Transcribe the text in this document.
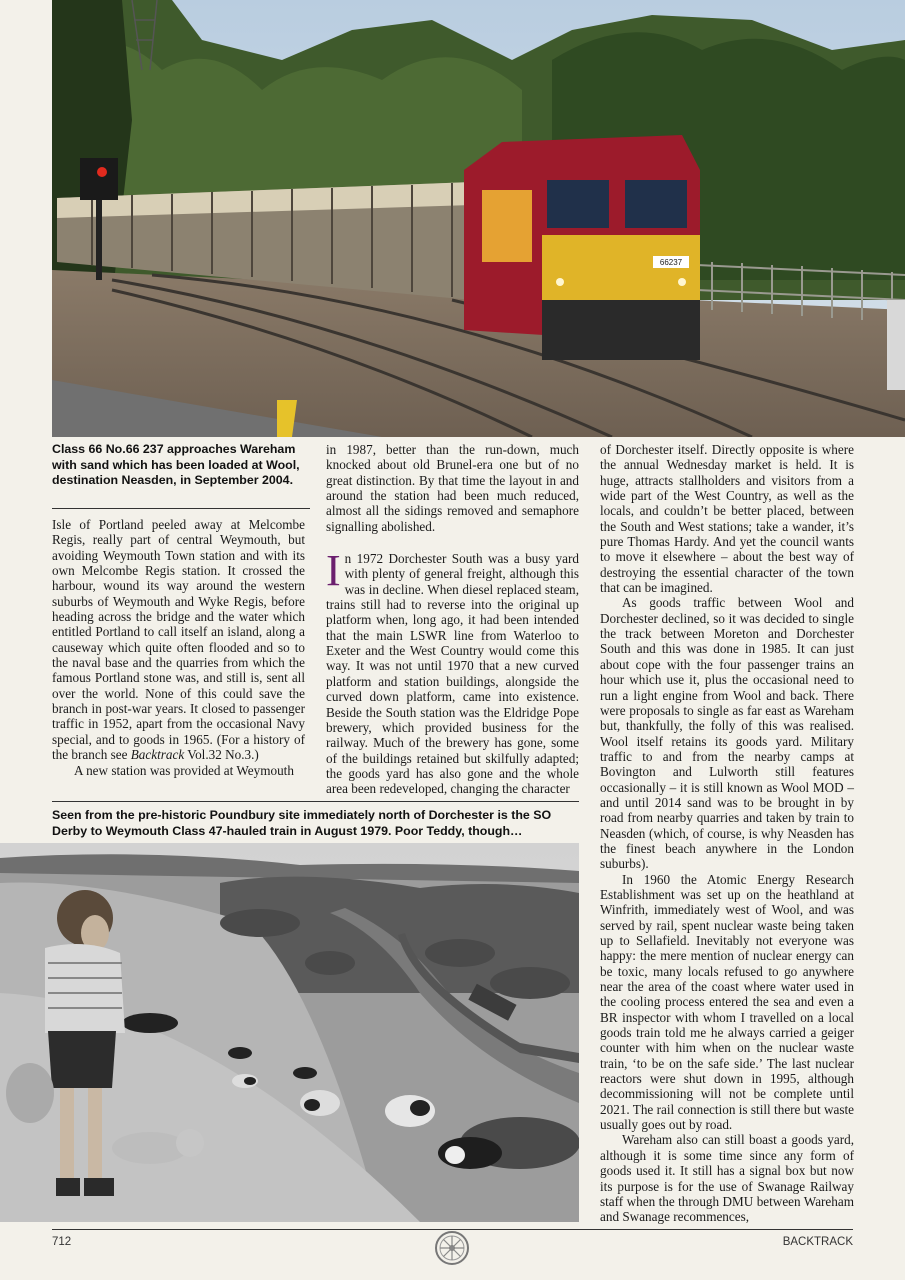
66237
Class 66 No.66 237 approaches Wareham with sand which has been loaded at Wool, destination Neasden, in September 2004.

Isle of Portland peeled away at Melcombe Regis, really part of central Weymouth, but avoiding Weymouth Town station and with its own Melcombe Regis station. It crossed the harbour, wound its way around the western suburbs of Weymouth and Wyke Regis, before heading across the bridge and the water which entitled Portland to call itself an island, along a causeway which quite often flooded and so to the naval base and the quarries from which the famous Portland stone was, and still is, sent all over the world. None of this could save the branch in post-war years. It closed to passenger traffic in 1952, apart from the occasional Navy special, and to goods in 1965. (For a history of the branch see Backtrack Vol.32 No.3.)

A new station was provided at Weymouth

in 1987, better than the run-down, much knocked about old Brunel-era one but of no great distinction. By that time the layout in and around the station had been much reduced, almost all the sidings removed and semaphore signalling abolished.

In 1972 Dorchester South was a busy yard with plenty of general freight, although this was in decline. When diesel replaced steam, trains still had to reverse into the original up platform when, long ago, it had been intended that the main LSWR line from Waterloo to Exeter and the West Country would come this way. It was not until 1970 that a new curved platform and station buildings, alongside the curved down platform, came into existence. Beside the South station was the Eldridge Pope brewery, which provided business for the railway. Much of the brewery has gone, some of the buildings retained but skilfully adapted; the goods yard has also gone and the whole area been redeveloped, changing the character

Seen from the pre-historic Poundbury site immediately north of Dorchester is the SO Derby to Weymouth Class 47-hauled train in August 1979. Poor Teddy, though…

of Dorchester itself. Directly opposite is where the annual Wednesday market is held. It is huge, attracts stallholders and visitors from a wide part of the West Country, as well as the locals, and couldn’t be better placed, between the South and West stations; take a wander, it’s pure Thomas Hardy. And yet the council wants to move it elsewhere – about the best way of destroying the essential character of the town that can be imagined.

As goods traffic between Wool and Dorchester declined, so it was decided to single the track between Moreton and Dorchester South and this was done in 1985. It can just about cope with the four passenger trains an hour which use it, plus the occasional need to run a light engine from Wool and back. There were proposals to single as far east as Wareham but, thankfully, the folly of this was realised. Wool itself retains its goods yard. Military traffic to and from the nearby camps at Bovington and Lulworth still features occasionally – it is still known as Wool MOD – and until 2014 sand was to be brought in by road from nearby quarries and taken by train to Neasden (which, of course, is why Neasden has the finest beach anywhere in the London suburbs).

In 1960 the Atomic Energy Research Establishment was set up on the heathland at Winfrith, immediately west of Wool, and was served by rail, spent nuclear waste being taken up to Sellafield. Inevitably not everyone was happy: the mere mention of nuclear energy can be toxic, many locals refused to go anywhere near the area of the coast where water used in the cooling process entered the sea and even a BR inspector with whom I travelled on a local goods train told me he always carried a geiger counter with him when on the nuclear waste train, ‘to be on the safe side.’ The last nuclear reactors were shut down in 1995, although decommissioning will not be complete until 2021. The rail connection is still there but waste usually goes out by road.

Wareham also can still boast a goods yard, although it is some time since any form of goods used it. It still has a signal box but now its purpose is for the use of Swanage Railway staff when the through DMU between Wareham and Swanage recommences,

712	BACKTRACK
